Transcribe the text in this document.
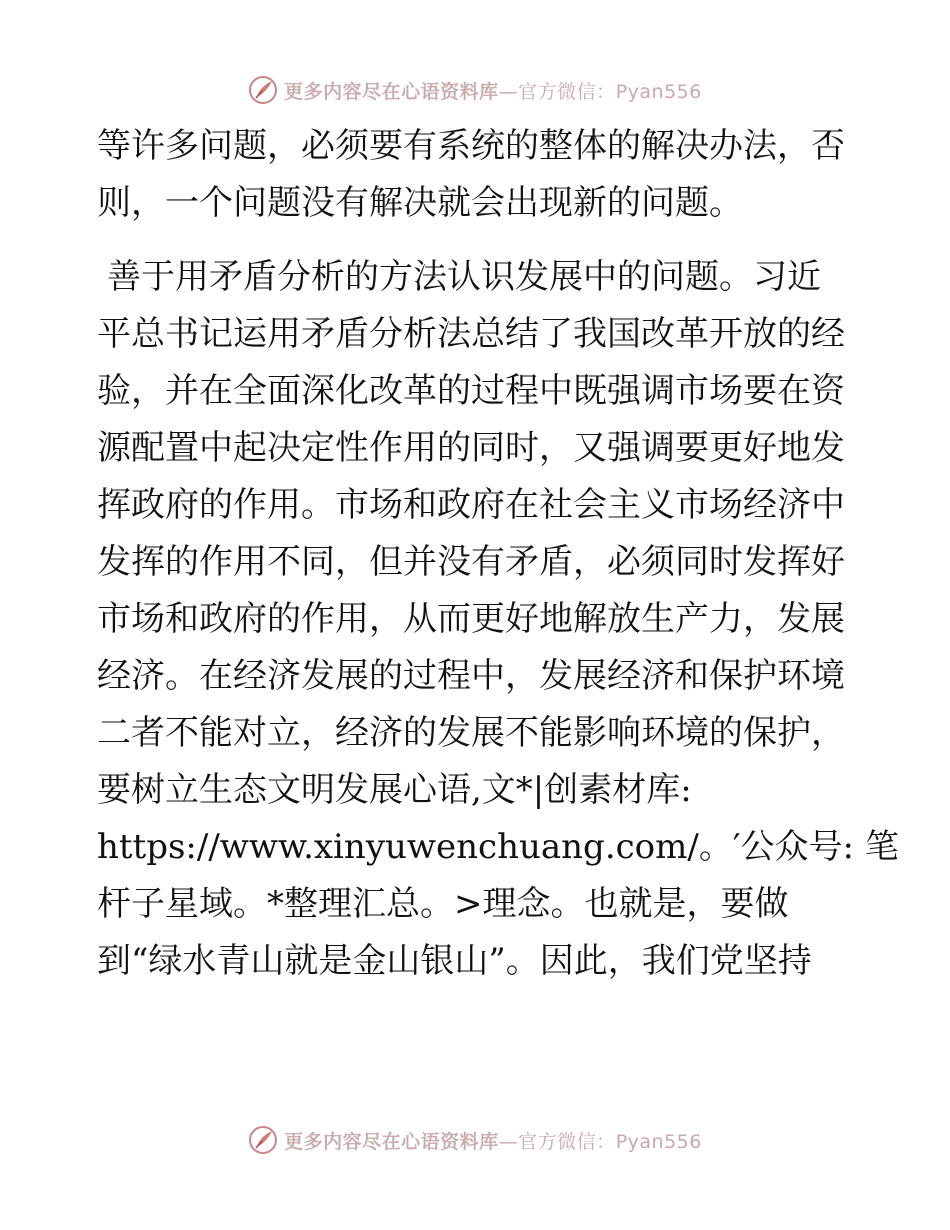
更多内容尽在心语资料库—官方微信：Pyan556
等许多问题，必须要有系统的整体的解决办法，否
则，一个问题没有解决就会出现新的问题。
善于用矛盾分析的方法认识发展中的问题。习近
平总书记运用矛盾分析法总结了我国改革开放的经
验，并在全面深化改革的过程中既强调市场要在资
源配置中起决定性作用的同时，又强调要更好地发
挥政府的作用。市场和政府在社会主义市场经济中
发挥的作用不同，但并没有矛盾，必须同时发挥好
市场和政府的作用，从而更好地解放生产力，发展
经济。在经济发展的过程中，发展经济和保护环境
二者不能对立，经济的发展不能影响环境的保护，
要树立生态文明发展心语,文*|创素材库:
https://www.xinyuwenchuang.com/。′公众号: 笔
杆子星域。*整理汇总。>理念。也就是，要做
到“绿水青山就是金山银山”。因此，我们党坚持
更多内容尽在心语资料库—官方微信：Pyan556
